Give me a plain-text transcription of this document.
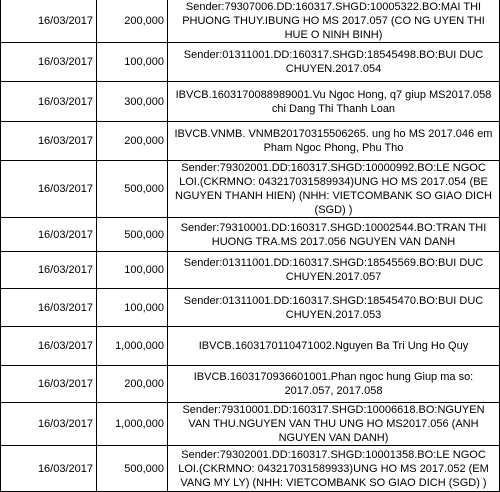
16/03/2017	200,000	Sender:79307006.DD:160317.SHGD:10005322.BO:MAI THI PHUONG THUY.IBUNG HO MS 2017.057 (CO NG UYEN THI HUE O NINH BINH)
16/03/2017	100,000	Sender:01311001.DD:160317.SHGD:18545498.BO:BUI DUC CHUYEN.2017.054
16/03/2017	300,000	IBVCB.1603170088989001.Vu Ngoc Hong, q7 giup MS2017.058 chi Dang Thi Thanh Loan
16/03/2017	200,000	IBVCB.VNMB. VNMB20170315506265. ung ho MS 2017.046 em Pham Ngoc Phong, Phu Tho
16/03/2017	500,000	Sender:79302001.DD:160317.SHGD:10000992.BO:LE NGOC LOI.(CKRMNO: 043217031589934)UNG HO MS 2017.054 (BE NGUYEN THANH HIEN) (NHH: VIETCOMBANK SO GIAO DICH (SGD) )
16/03/2017	500,000	Sender:79310001.DD:160317.SHGD:10002544.BO:TRAN THI HUONG TRA.MS 2017.056 NGUYEN VAN DANH
16/03/2017	100,000	Sender:01311001.DD:160317.SHGD:18545569.BO:BUI DUC CHUYEN.2017.057
16/03/2017	100,000	Sender:01311001.DD:160317.SHGD:18545470.BO:BUI DUC CHUYEN.2017.053
16/03/2017	1,000,000	IBVCB.1603170110471002.Nguyen Ba Tri Ung Ho Quy
16/03/2017	200,000	IBVCB.1603170936601001.Phan ngoc hung Giup ma so: 2017.057, 2017.058
16/03/2017	1,000,000	Sender:79310001.DD:160317.SHGD:10006618.BO:NGUYEN VAN THU.NGUYEN VAN THU UNG HO MS2017.056 (ANH NGUYEN VAN DANH)
16/03/2017	500,000	Sender:79302001.DD:160317.SHGD:10001358.BO:LE NGOC LOI.(CKRMNO: 043217031589933)UNG HO MS 2017.052 (EM VANG MY LY) (NHH: VIETCOMBANK SO GIAO DICH (SGD) )
